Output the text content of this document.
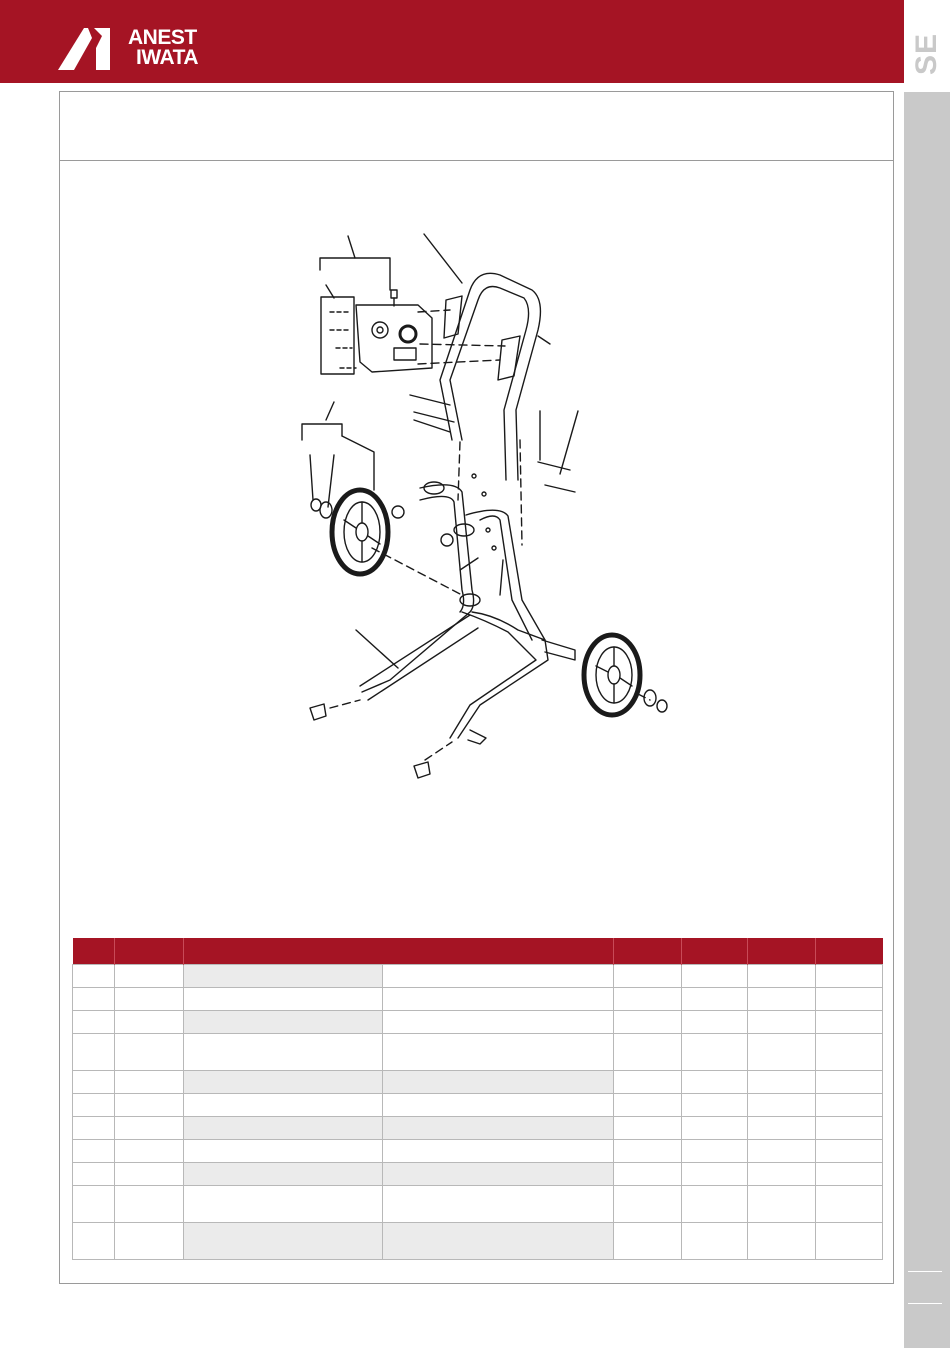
ANEST
IWATA	SE
